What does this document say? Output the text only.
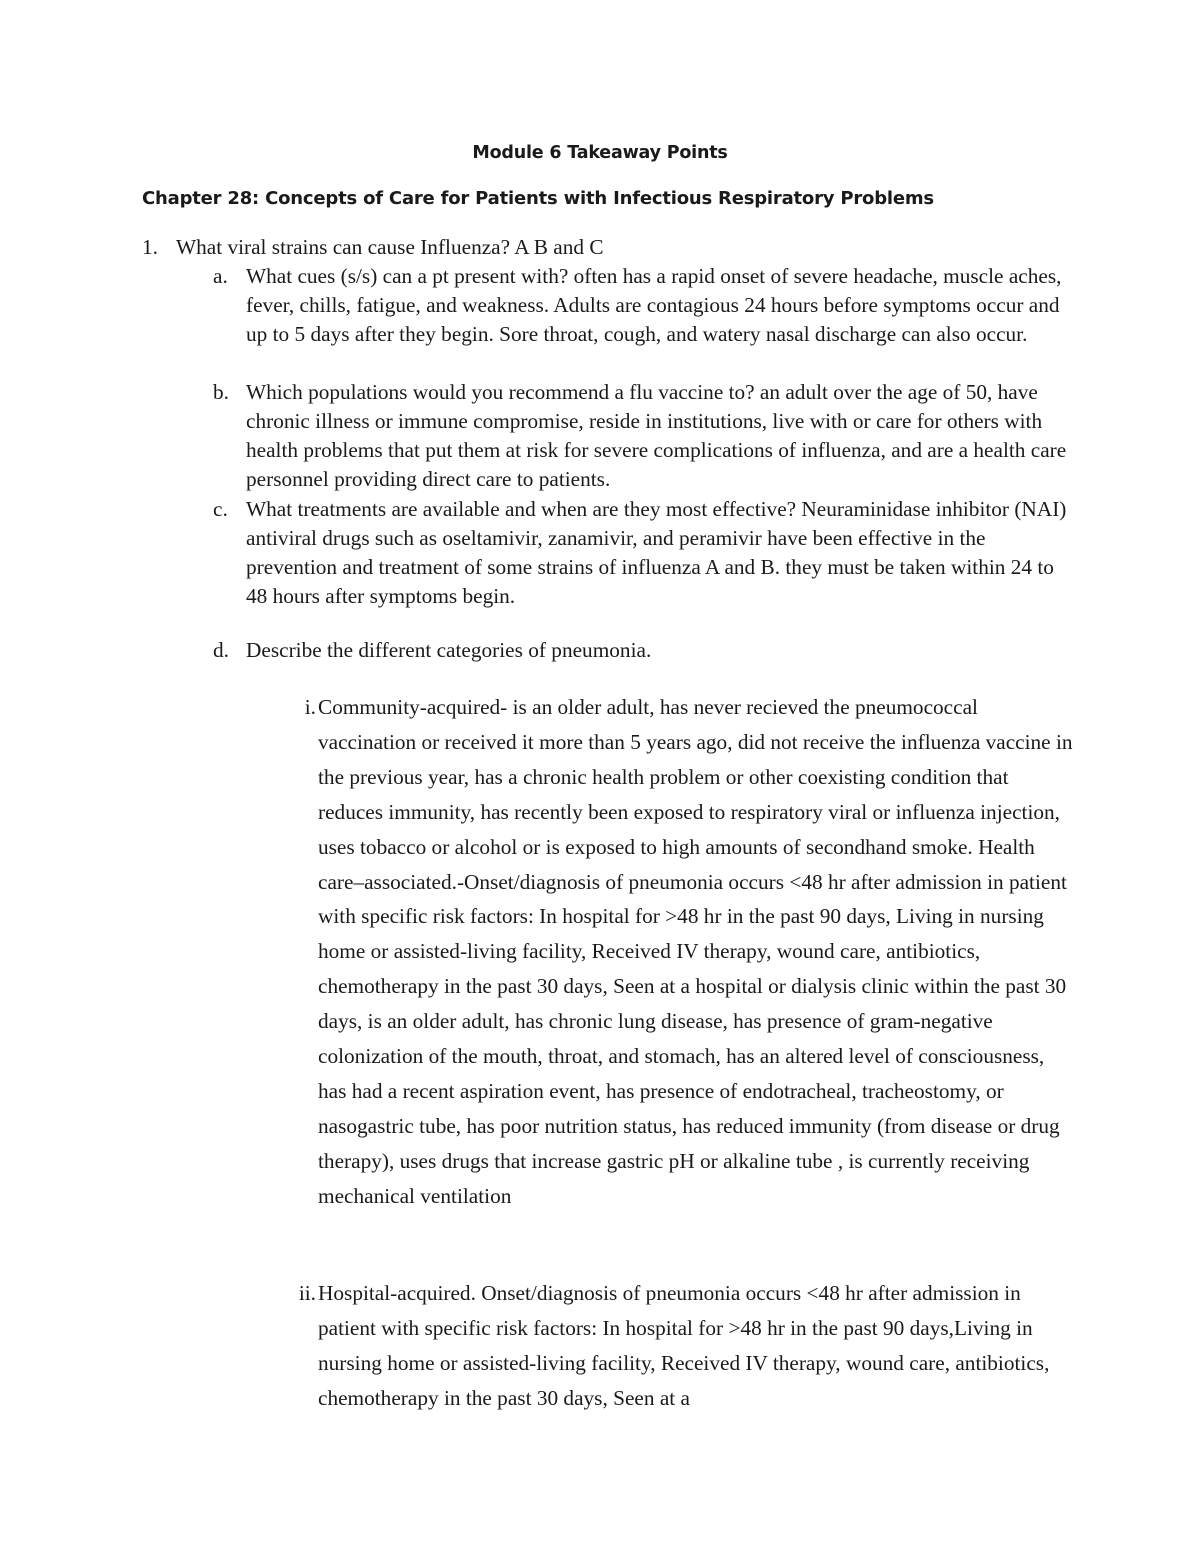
Module 6 Takeaway Points
Chapter 28: Concepts of Care for Patients with Infectious Respiratory Problems
1. What viral strains can cause Influenza? A B and C
a. What cues (s/s) can a pt present with? often has a rapid onset of severe headache, muscle aches, fever, chills, fatigue, and weakness. Adults are contagious 24 hours before symptoms occur and up to 5 days after they begin. Sore throat, cough, and watery nasal discharge can also occur.
b. Which populations would you recommend a flu vaccine to? an adult over the age of 50, have chronic illness or immune compromise, reside in institutions, live with or care for others with health problems that put them at risk for severe complications of influenza, and are a health care personnel providing direct care to patients.
c. What treatments are available and when are they most effective? Neuraminidase inhibitor (NAI) antiviral drugs such as oseltamivir, zanamivir, and peramivir have been effective in the prevention and treatment of some strains of influenza A and B. they must be taken within 24 to 48 hours after symptoms begin.
d. Describe the different categories of pneumonia.
i. Community-acquired- is an older adult, has never recieved the pneumococcal vaccination or received it more than 5 years ago, did not receive the influenza vaccine in the previous year, has a chronic health problem or other coexisting condition that reduces immunity, has recently been exposed to respiratory viral or influenza injection, uses tobacco or alcohol or is exposed to high amounts of secondhand smoke. Health care–associated.-Onset/diagnosis of pneumonia occurs <48 hr after admission in patient with specific risk factors: In hospital for >48 hr in the past 90 days, Living in nursing home or assisted-living facility, Received IV therapy, wound care, antibiotics, chemotherapy in the past 30 days, Seen at a hospital or dialysis clinic within the past 30 days, is an older adult, has chronic lung disease, has presence of gram-negative colonization of the mouth, throat, and stomach, has an altered level of consciousness, has had a recent aspiration event, has presence of endotracheal, tracheostomy, or nasogastric tube, has poor nutrition status, has reduced immunity (from disease or drug therapy), uses drugs that increase gastric pH or alkaline tube , is currently receiving mechanical ventilation
ii. Hospital-acquired. Onset/diagnosis of pneumonia occurs <48 hr after admission in patient with specific risk factors: In hospital for >48 hr in the past 90 days,Living in nursing home or assisted-living facility, Received IV therapy, wound care, antibiotics, chemotherapy in the past 30 days, Seen at a
